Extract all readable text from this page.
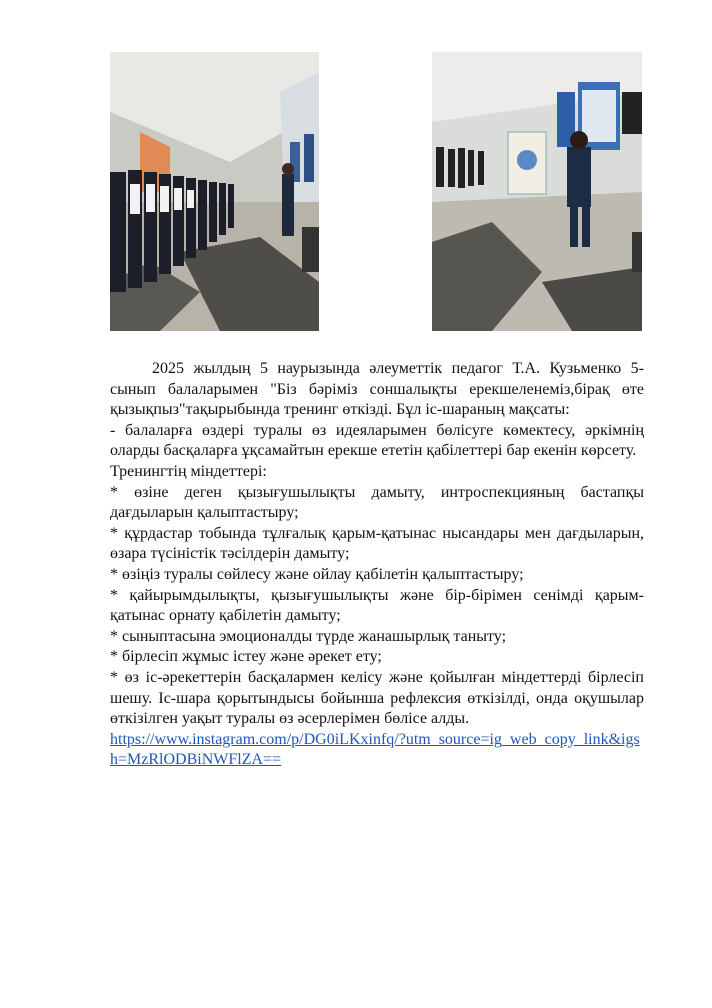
2025 жылдың 5 наурызында әлеуметтік педагог Т.А. Кузьменко 5-сынып балаларымен "Біз бәріміз соншалықты ерекшеленеміз,бірақ өте қызықпыз"тақырыбында тренинг өткізді. Бұл іс-шараның мақсаты:

- балаларға өздері туралы өз идеяларымен бөлісуге көмектесу, әркімнің оларды басқаларға ұқсамайтын ерекше ететін қабілеттері бар екенін көрсету.

Тренингтің міндеттері:

* өзіне деген қызығушылықты дамыту, интроспекцияның бастапқы дағдыларын қалыптастыру;

* құрдастар тобында тұлғалық қарым-қатынас нысандары мен дағдыларын, өзара түсіністік тәсілдерін дамыту;

* өзіңіз туралы сөйлесу және ойлау қабілетін қалыптастыру;

* қайырымдылықты, қызығушылықты және бір-бірімен сенімді қарым-қатынас орнату қабілетін дамыту;

* сыныптасына эмоционалды түрде жанашырлық таныту;

* бірлесіп жұмыс істеу және әрекет ету;

* өз іс-әрекеттерін басқалармен келісу және қойылған міндеттерді бірлесіп шешу. Іс-шара қорытындысы бойынша рефлексия өткізілді, онда оқушылар өткізілген уақыт туралы өз әсерлерімен бөлісе алды.

https://www.instagram.com/p/DG0iLKxinfq/?utm_source=ig_web_copy_link&igsh=MzRlODBiNWFlZA==
